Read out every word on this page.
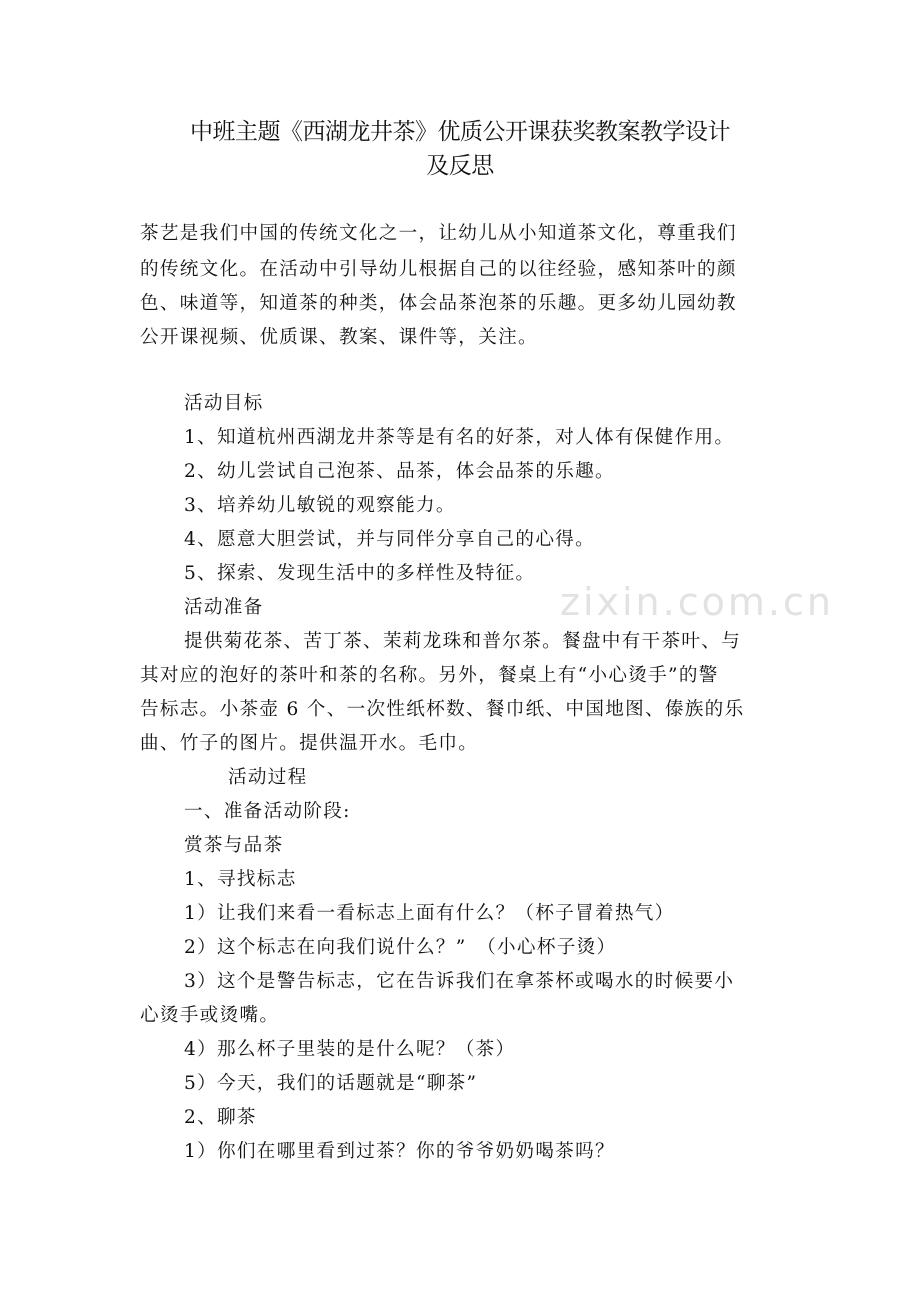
zixin.com.cn
中班主题《西湖龙井茶》优质公开课获奖教案教学设计
及反思
茶艺是我们中国的传统文化之一，让幼儿从小知道茶文化，尊重我们
的传统文化。在活动中引导幼儿根据自己的以往经验，感知茶叶的颜
色、味道等，知道茶的种类，体会品茶泡茶的乐趣。更多幼儿园幼教
公开课视频、优质课、教案、课件等，关注。
活动目标
1、知道杭州西湖龙井茶等是有名的好茶，对人体有保健作用。
2、幼儿尝试自己泡茶、品茶，体会品茶的乐趣。
3、培养幼儿敏锐的观察能力。
4、愿意大胆尝试，并与同伴分享自己的心得。
5、探索、发现生活中的多样性及特征。
活动准备
提供菊花茶、苦丁茶、茉莉龙珠和普尔茶。餐盘中有干茶叶、与
其对应的泡好的茶叶和茶的名称。另外，餐桌上有“小心烫手”的警
告标志。小茶壶 6 个、一次性纸杯数、餐巾纸、中国地图、傣族的乐
曲、竹子的图片。提供温开水。毛巾。
活动过程
一、准备活动阶段:
赏茶与品茶
1、寻找标志
1）让我们来看一看标志上面有什么？（杯子冒着热气）
2）这个标志在向我们说什么？”　（小心杯子烫）
3）这个是警告标志，它在告诉我们在拿茶杯或喝水的时候要小
心烫手或烫嘴。
4）那么杯子里装的是什么呢？（茶）
5）今天，我们的话题就是“聊茶”
2、聊茶
1）你们在哪里看到过茶？你的爷爷奶奶喝茶吗？
